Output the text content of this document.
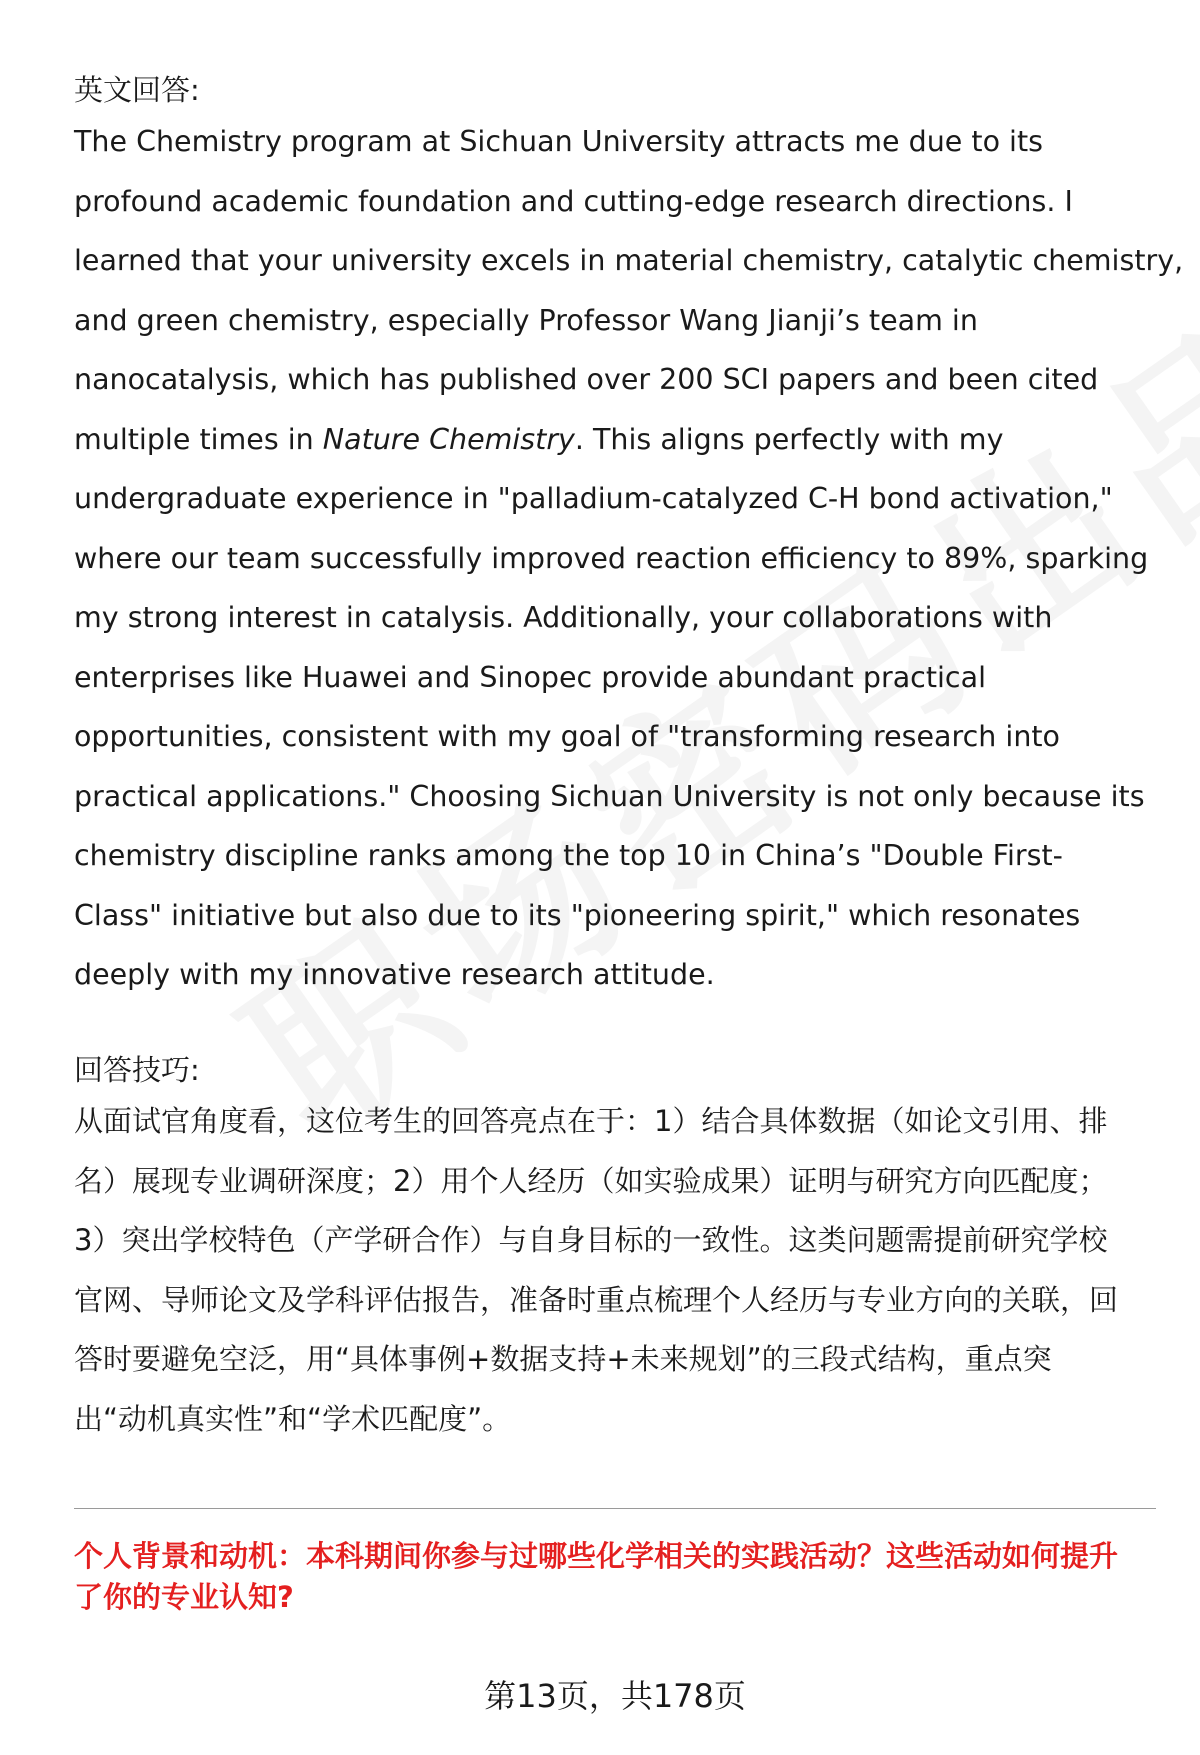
英文回答:
The Chemistry program at Sichuan University attracts me due to its
profound academic foundation and cutting-edge research directions. I
learned that your university excels in material chemistry, catalytic chemistry,
and green chemistry, especially Professor Wang Jianji’s team in
nanocatalysis, which has published over 200 SCI papers and been cited
multiple times in Nature Chemistry. This aligns perfectly with my
undergraduate experience in "palladium-catalyzed C-H bond activation,"
where our team successfully improved reaction efficiency to 89%, sparking
my strong interest in catalysis. Additionally, your collaborations with
enterprises like Huawei and Sinopec provide abundant practical
opportunities, consistent with my goal of "transforming research into
practical applications." Choosing Sichuan University is not only because its
chemistry discipline ranks among the top 10 in China’s "Double First-
Class" initiative but also due to its "pioneering spirit," which resonates
deeply with my innovative research attitude.
回答技巧:
从面试官角度看，这位考生的回答亮点在于：1）结合具体数据（如论文引用、排
名）展现专业调研深度；2）用个人经历（如实验成果）证明与研究方向匹配度；
3）突出学校特色（产学研合作）与自身目标的一致性。这类问题需提前研究学校
官网、导师论文及学科评估报告，准备时重点梳理个人经历与专业方向的关联，回
答时要避免空泛，用“具体事例+数据支持+未来规划”的三段式结构，重点突
出“动机真实性”和“学术匹配度”。
个人背景和动机：本科期间你参与过哪些化学相关的实践活动？这些活动如何提升
了你的专业认知?
第13页，共178页
